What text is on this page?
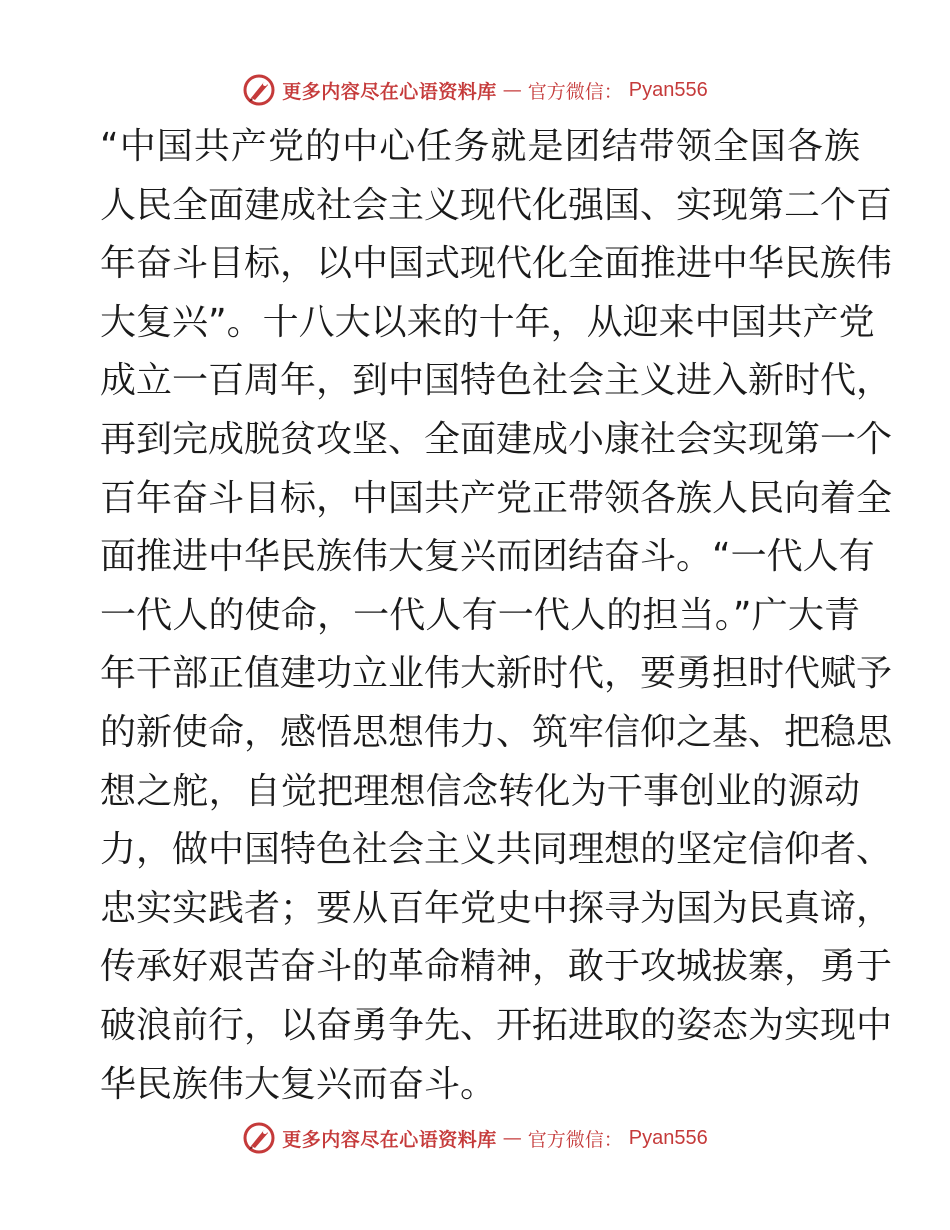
更多内容尽在心语资料库 — 官方微信： Pyan556
“中国共产党的中心任务就是团结带领全国各族
人民全面建成社会主义现代化强国、实现第二个百
年奋斗目标，以中国式现代化全面推进中华民族伟
大复兴”。十八大以来的十年，从迎来中国共产党
成立一百周年，到中国特色社会主义进入新时代，
再到完成脱贫攻坚、全面建成小康社会实现第一个
百年奋斗目标，中国共产党正带领各族人民向着全
面推进中华民族伟大复兴而团结奋斗。“一代人有
一代人的使命，一代人有一代人的担当。”广大青
年干部正值建功立业伟大新时代，要勇担时代赋予
的新使命，感悟思想伟力、筑牢信仰之基、把稳思
想之舵，自觉把理想信念转化为干事创业的源动
力，做中国特色社会主义共同理想的坚定信仰者、
忠实实践者；要从百年党史中探寻为国为民真谛，
传承好艰苦奋斗的革命精神，敢于攻城拔寨，勇于
破浪前行，以奋勇争先、开拓进取的姿态为实现中
华民族伟大复兴而奋斗。
更多内容尽在心语资料库 — 官方微信： Pyan556
